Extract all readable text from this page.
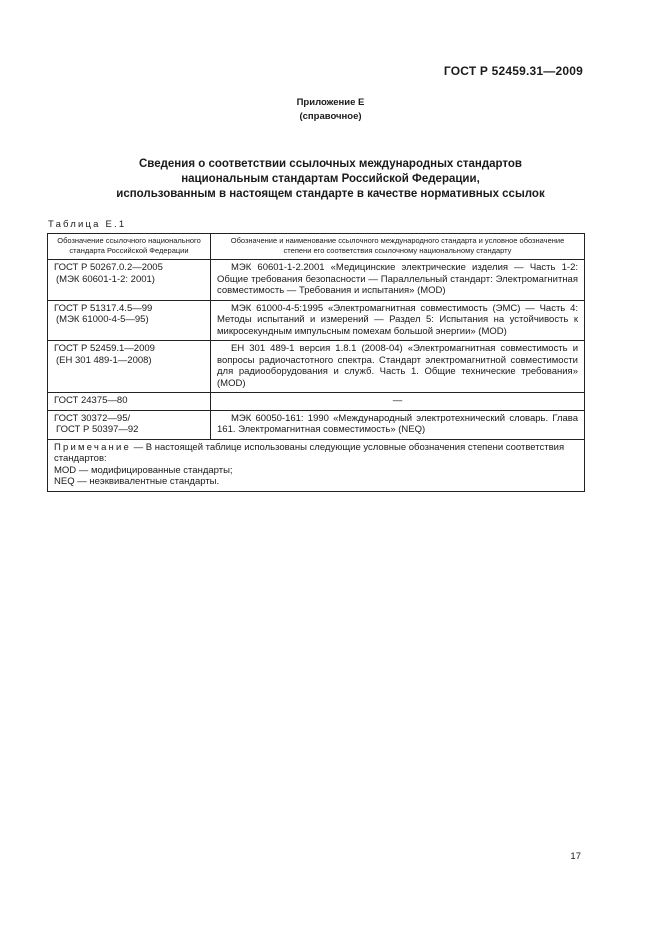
ГОСТ Р 52459.31—2009
Приложение Е
(справочное)
Сведения о соответствии ссылочных международных стандартов
национальным стандартам Российской Федерации,
использованным в настоящем стандарте в качестве нормативных ссылок
Таблица Е.1
Обозначение ссылочного национального стандарта Российской Федерации	Обозначение и наименование ссылочного международного стандарта и условное обозначение степени его соответствия ссылочному национальному стандарту
ГОСТ Р 50267.0.2—2005
(МЭК 60601-1-2: 2001)	МЭК 60601-1-2.2001 «Медицинские электрические изделия — Часть 1-2: Общие требования безопасности — Параллельный стандарт: Электромагнитная совместимость — Требования и испытания» (MOD)

ГОСТ Р 51317.4.5—99
(МЭК 61000-4-5—95)	МЭК 61000-4-5:1995 «Электромагнитная совместимость (ЭМС) — Часть 4: Методы испытаний и измерений — Раздел 5: Испытания на устойчивость к микросекундным импульсным помехам большой энергии» (MOD)

ГОСТ Р 52459.1—2009
(ЕН 301 489-1—2008)	ЕН 301 489-1 версия 1.8.1 (2008-04) «Электромагнитная совместимость и вопросы радиочастотного спектра. Стандарт электромагнитной совместимости для радиооборудования и служб. Часть 1. Общие технические требования» (MOD)

ГОСТ 24375—80	—
ГОСТ 30372—95/
ГОСТ Р 50397—92	МЭК 60050-161: 1990 «Международный электротехнический словарь. Глава 161. Электромагнитная совместимость» (NEQ)

Примечание — В настоящей таблице использованы следующие условные обозначения степени соответствия стандартов:
MOD — модифицированные стандарты;
NEQ — неэквивалентные стандарты.	
17
